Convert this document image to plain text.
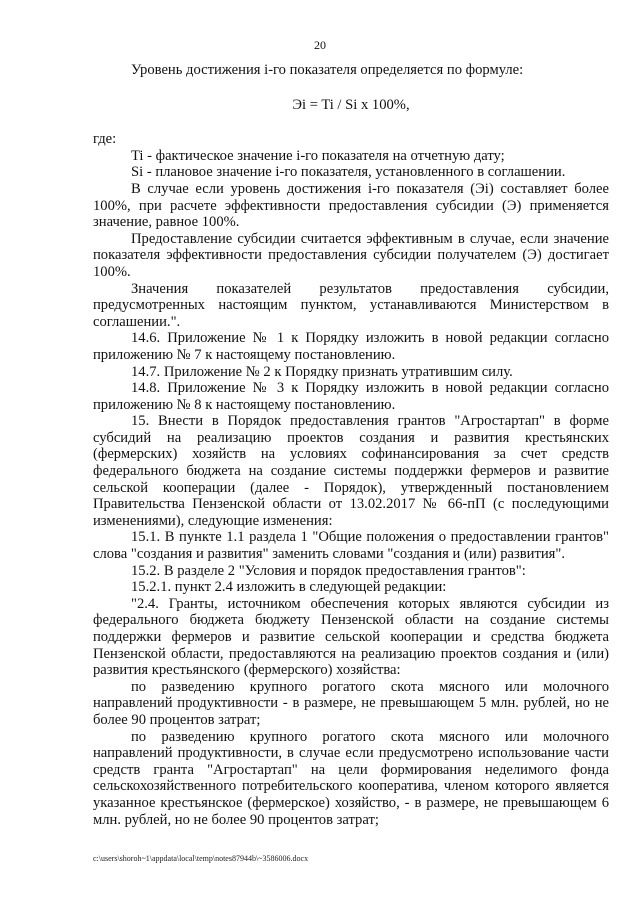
20

Уровень достижения i-го показателя определяется по формуле:

Эi = Ti / Si x 100%,

где:

Ti - фактическое значение i-го показателя на отчетную дату;

Si - плановое значение i-го показателя, установленного в соглашении.

В случае если уровень достижения i-го показателя (Эi) составляет более 100%, при расчете эффективности предоставления субсидии (Э) применяется значение, равное 100%.

Предоставление субсидии считается эффективным в случае, если значение показателя эффективности предоставления субсидии получателем (Э) достигает 100%.

Значения показателей результатов предоставления субсидии, предусмотренных настоящим пунктом, устанавливаются Министерством в соглашении.".

14.6. Приложение № 1 к Порядку изложить в новой редакции согласно приложению № 7 к настоящему постановлению.

14.7. Приложение № 2 к Порядку признать утратившим силу.

14.8. Приложение № 3 к Порядку изложить в новой редакции согласно приложению № 8 к настоящему постановлению.

15. Внести в Порядок предоставления грантов "Агростартап" в форме субсидий на реализацию проектов создания и развития крестьянских (фермерских) хозяйств на условиях софинансирования за счет средств федерального бюджета на создание системы поддержки фермеров и развитие сельской кооперации (далее - Порядок), утвержденный постановлением Правительства Пензенской области от 13.02.2017 № 66-пП (с последующими изменениями), следующие изменения:

15.1. В пункте 1.1 раздела 1 "Общие положения о предоставлении грантов" слова "создания и развития" заменить словами "создания и (или) развития".

15.2. В разделе 2 "Условия и порядок предоставления грантов":

15.2.1. пункт 2.4 изложить в следующей редакции:

"2.4. Гранты, источником обеспечения которых являются субсидии из федерального бюджета бюджету Пензенской области на создание системы поддержки фермеров и развитие сельской кооперации и средства бюджета Пензенской области, предоставляются на реализацию проектов создания и (или) развития крестьянского (фермерского) хозяйства:

по разведению крупного рогатого скота мясного или молочного направлений продуктивности - в размере, не превышающем 5 млн. рублей, но не более 90 процентов затрат;

по разведению крупного рогатого скота мясного или молочного направлений продуктивности, в случае если предусмотрено использование части средств гранта "Агростартап" на цели формирования неделимого фонда сельскохозяйственного потребительского кооператива, членом которого является указанное крестьянское (фермерское) хозяйство, - в размере, не превышающем 6 млн. рублей, но не более 90 процентов затрат;

c:\users\shoroh~1\appdata\local\temp\notes87944b\~3586006.docx
